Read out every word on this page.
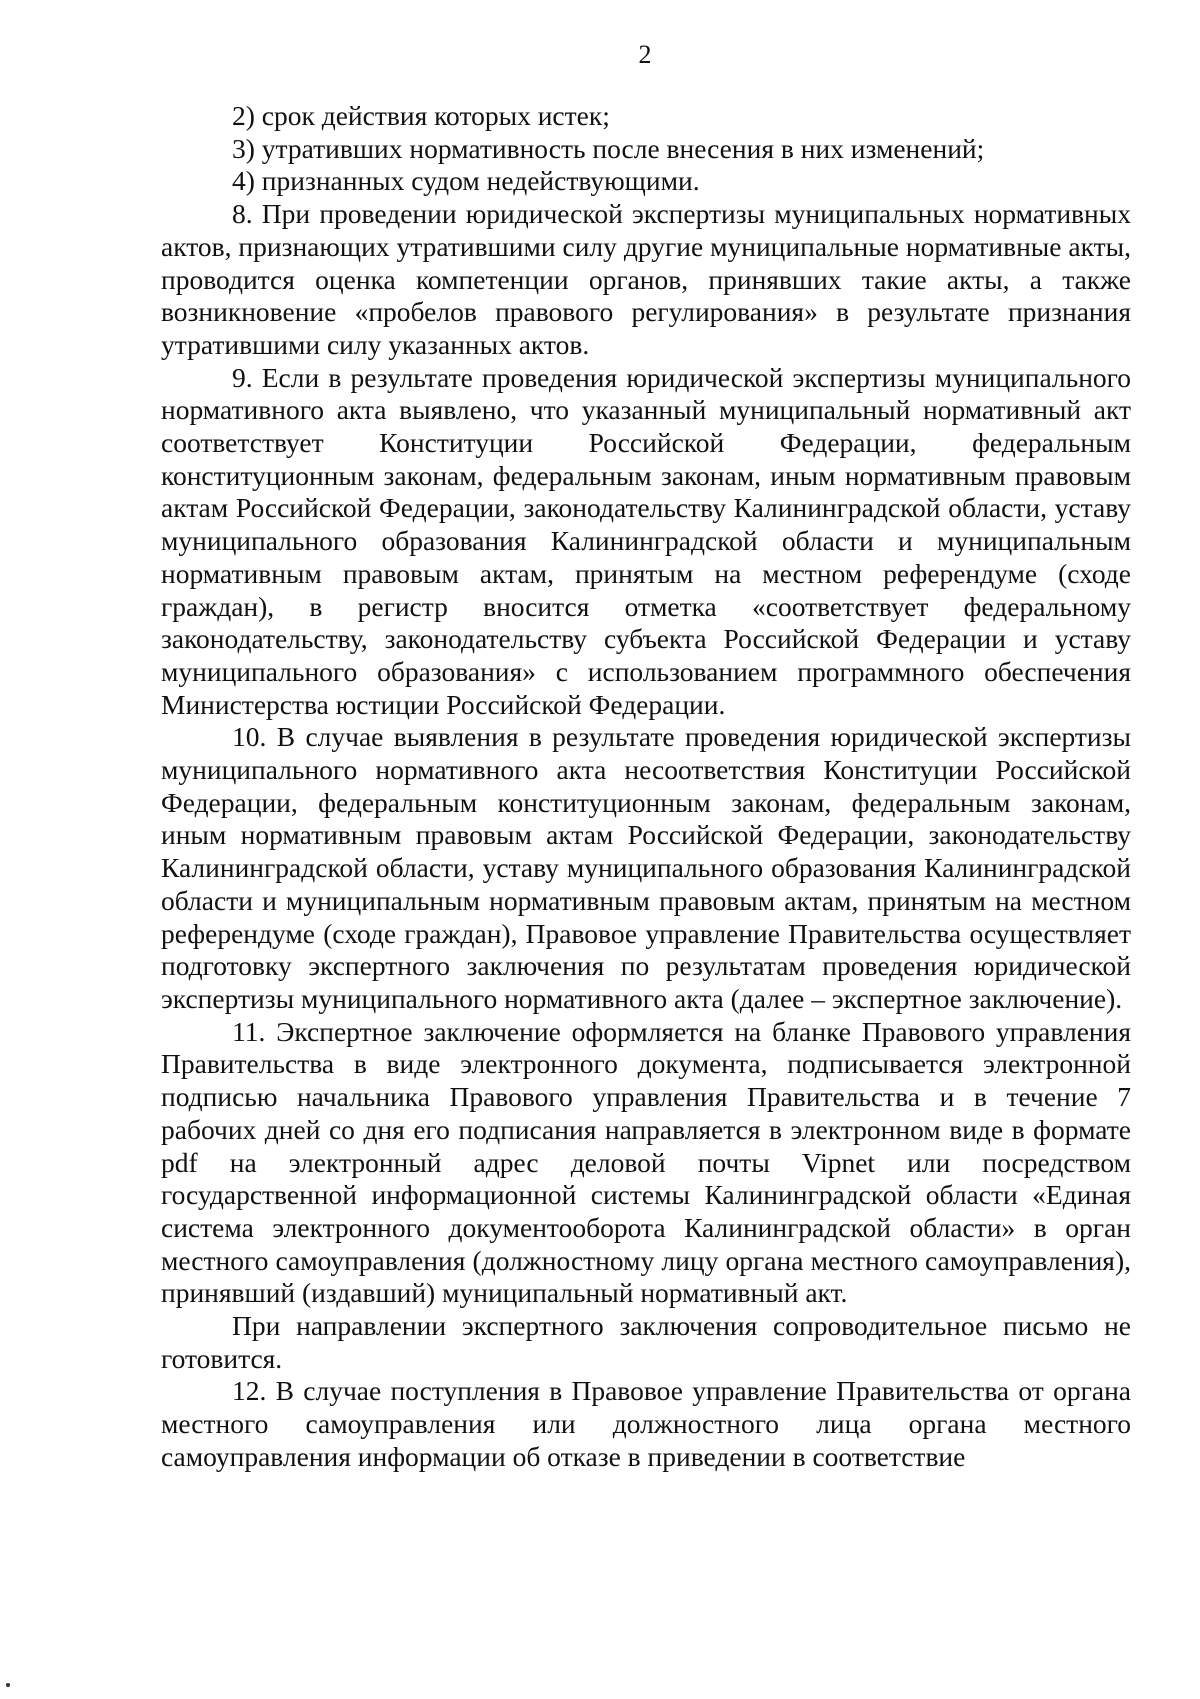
2

2) срок действия которых истек;

3) утративших нормативность после внесения в них изменений;

4) признанных судом недействующими.

8. При проведении юридической экспертизы муниципальных нормативных актов, признающих утратившими силу другие муниципальные нормативные акты, проводится оценка компетенции органов, принявших такие акты, а также возникновение «пробелов правового регулирования» в результате признания утратившими силу указанных актов.

9. Если в результате проведения юридической экспертизы муниципального нормативного акта выявлено, что указанный муниципальный нормативный акт соответствует Конституции Российской Федерации, федеральным конституционным законам, федеральным законам, иным нормативным правовым актам Российской Федерации, законодательству Калининградской области, уставу муниципального образования Калининградской области и муниципальным нормативным правовым актам, принятым на местном референдуме (сходе граждан), в регистр вносится отметка «соответствует федеральному законодательству, законодательству субъекта Российской Федерации и уставу муниципального образования» с использованием программного обеспечения Министерства юстиции Российской Федерации.

10. В случае выявления в результате проведения юридической экспертизы муниципального нормативного акта несоответствия Конституции Российской Федерации, федеральным конституционным законам, федеральным законам, иным нормативным правовым актам Российской Федерации, законодательству Калининградской области, уставу муниципального образования Калининградской области и муниципальным нормативным правовым актам, принятым на местном референдуме (сходе граждан), Правовое управление Правительства осуществляет подготовку экспертного заключения по результатам проведения юридической экспертизы муниципального нормативного акта (далее – экспертное заключение).

11. Экспертное заключение оформляется на бланке Правового управления Правительства в виде электронного документа, подписывается электронной подписью начальника Правового управления Правительства и в течение 7 рабочих дней со дня его подписания направляется в электронном виде в формате pdf на электронный адрес деловой почты Vipnet или посредством государственной информационной системы Калининградской области «Единая система электронного документооборота Калининградской области» в орган местного самоуправления (должностному лицу органа местного самоуправления), принявший (издавший) муниципальный нормативный акт.

При направлении экспертного заключения сопроводительное письмо не готовится.

12. В случае поступления в Правовое управление Правительства от органа местного самоуправления или должностного лица органа местного самоуправления информации об отказе в приведении в соответствие
